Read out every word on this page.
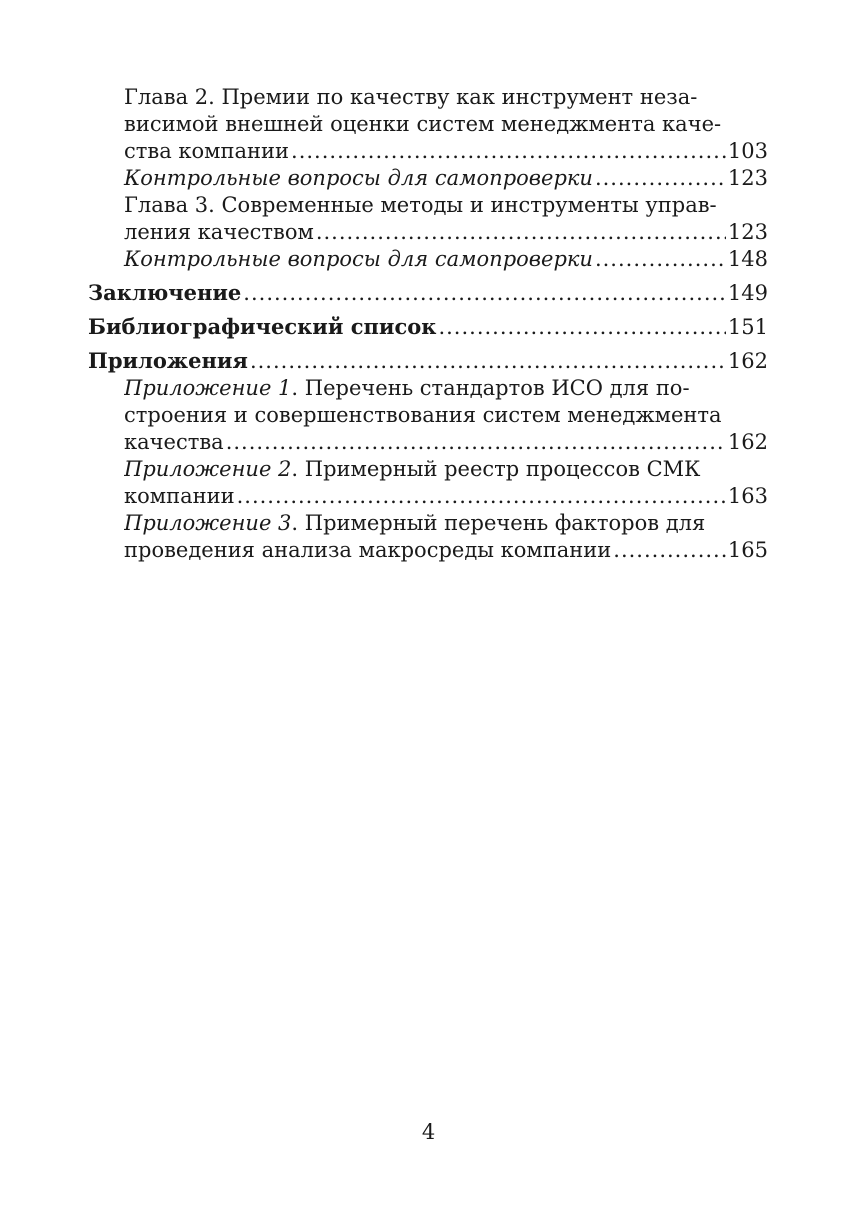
Глава 2. Премии по качеству как инструмент неза-
висимой внешней оценки систем менеджмента каче-
ства компании .....	103
Контрольные вопросы для самопроверки .....	123
Глава 3. Современные методы и инструменты управ-
ления качеством .....	123
Контрольные вопросы для самопроверки .....	148
Заключение .....	149
Библиографический список .....	151
Приложения .....	162
Приложение 1. Перечень стандартов ИСО для по-
строения и совершенствования систем менеджмента
качества .....	162
Приложение 2. Примерный реестр процессов СМК
компании .....	163
Приложение 3. Примерный перечень факторов для
проведения анализа макросреды компании .....	165
4
